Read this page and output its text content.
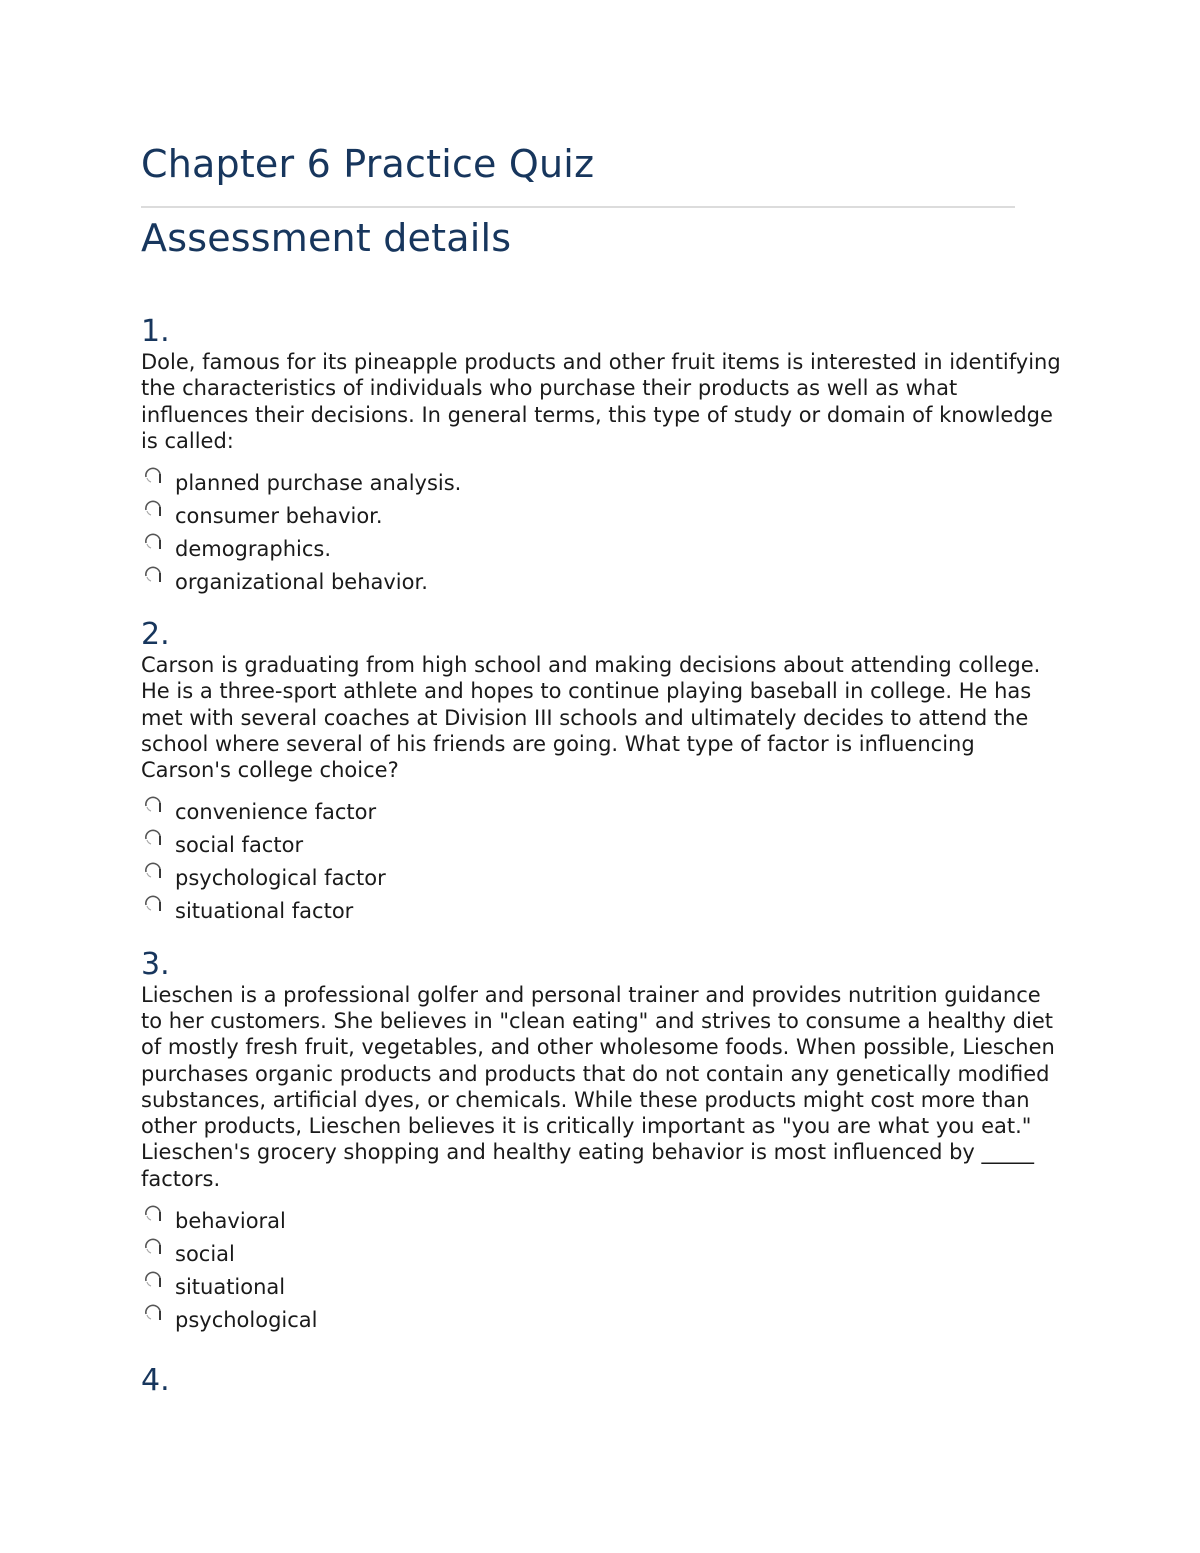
Chapter 6 Practice Quiz
Assessment details
1.

Dole, famous for its pineapple products and other fruit items is interested in identifying the characteristics of individuals who purchase their products as well as what influences their decisions. In general terms, this type of study or domain of knowledge is called:

planned purchase analysis.
consumer behavior.
demographics.
organizational behavior.
2.

Carson is graduating from high school and making decisions about attending college. He is a three-sport athlete and hopes to continue playing baseball in college. He has met with several coaches at Division III schools and ultimately decides to attend the school where several of his friends are going. What type of factor is influencing Carson's college choice?

convenience factor
social factor
psychological factor
situational factor
3.

Lieschen is a professional golfer and personal trainer and provides nutrition guidance to her customers. She believes in "clean eating" and strives to consume a healthy diet of mostly fresh fruit, vegetables, and other wholesome foods. When possible, Lieschen purchases organic products and products that do not contain any genetically modified substances, artificial dyes, or chemicals. While these products might cost more than other products, Lieschen believes it is critically important as "you are what you eat." Lieschen's grocery shopping and healthy eating behavior is most influenced by _____ factors.

behavioral
social
situational
psychological
4.
